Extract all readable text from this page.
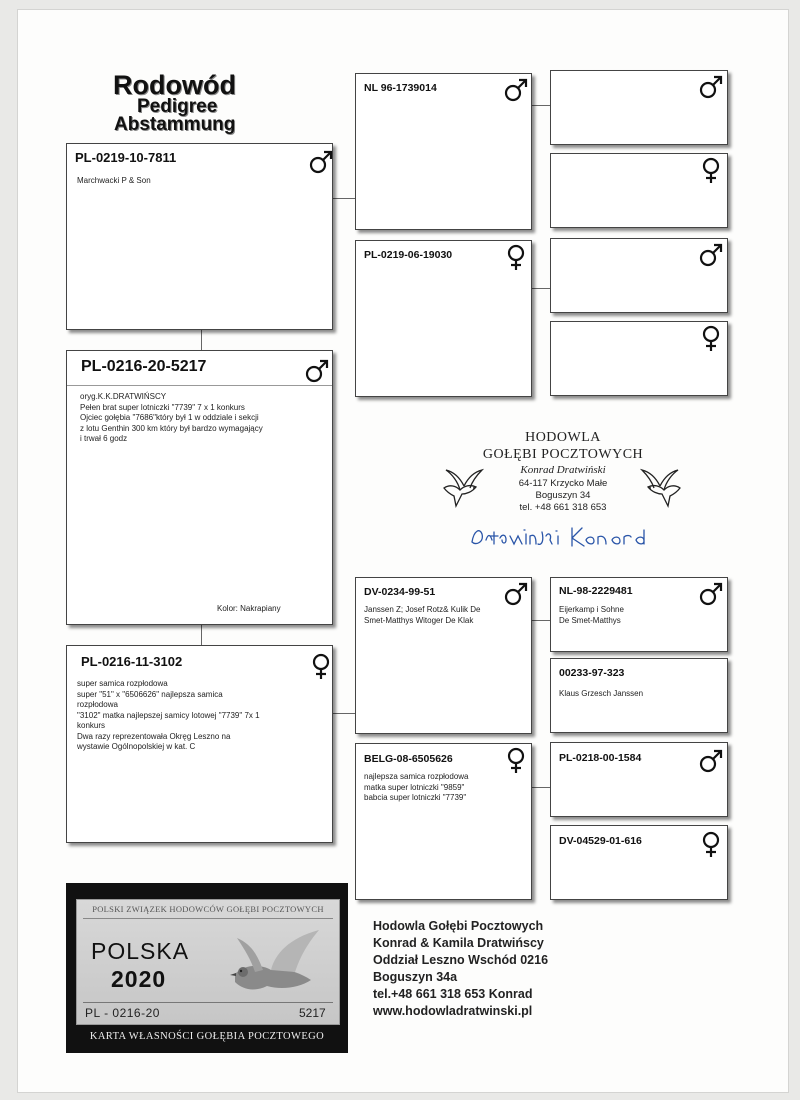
Rodowód
Pedigree
Abstammung
PL-0219-10-7811
Marchwacki P & Son
PL-0216-20-5217
oryg.K.K.DRATWIŃSCY
Pełen brat super lotniczki "7739" 7 x 1 konkurs
Ojciec gołębia "7686"który był 1 w oddziale i sekcji
z lotu Genthin 300 km który był bardzo wymagający
i trwał 6 godz
Kolor: Nakrapiany
PL-0216-11-3102
super samica rozpłodowa
super "51" x "6506626" najlepsza samica
rozpłodowa
"3102" matka najlepszej samicy lotowej "7739" 7x 1
konkurs
Dwa razy reprezentowała Okręg Leszno na
wystawie Ogólnopolskiej w kat. C
NL 96-1739014
PL-0219-06-19030
DV-0234-99-51
Janssen Z; Josef Rotz& Kulik De
Smet-Matthys Witoger De Klak
BELG-08-6505626
najlepsza samica rozpłodowa
matka super lotniczki "9859"
babcia super lotniczki "7739"
NL-98-2229481
Eijerkamp i Sohne
De Smet-Matthys
00233-97-323
Klaus Grzesch Janssen
PL-0218-00-1584
DV-04529-01-616
HODOWLA
GOŁĘBI POCZTOWYCH
Konrad Dratwiński
64-117 Krzycko Małe
Boguszyn 34
tel. +48 661 318 653
Hodowla Gołębi Pocztowych
Konrad & Kamila Dratwińscy
Oddział Leszno Wschód 0216
Boguszyn 34a
tel.+48 661 318 653 Konrad
www.hodowladratwinski.pl
POLSKI ZWIĄZEK HODOWCÓW GOŁĘBI POCZTOWYCH
POLSKA
2020
PL - 0216-20	5217
KARTA WŁASNOŚCI GOŁĘBIA POCZTOWEGO
